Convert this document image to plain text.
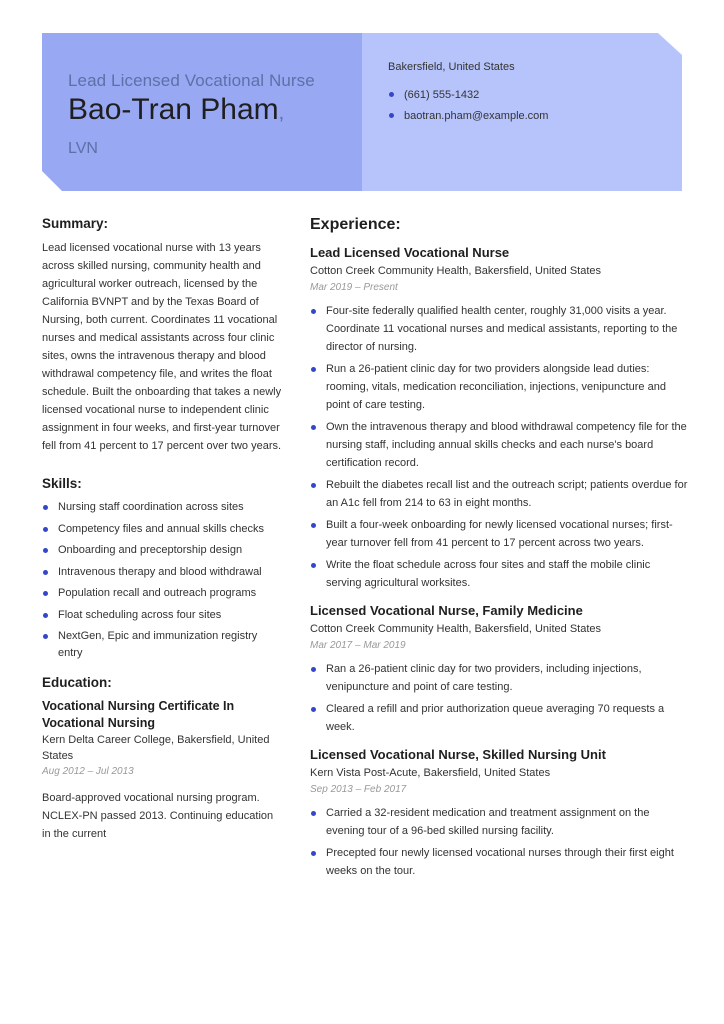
Lead Licensed Vocational Nurse
Bao-Tran Pham,
LVN
Bakersfield, United States
(661) 555-1432
baotran.pham@example.com
Summary:

Lead licensed vocational nurse with 13 years across skilled nursing, community health and agricultural worker outreach, licensed by the California BVNPT and by the Texas Board of Nursing, both current. Coordinates 11 vocational nurses and medical assistants across four clinic sites, owns the intravenous therapy and blood withdrawal competency file, and writes the float schedule. Built the onboarding that takes a newly licensed vocational nurse to independent clinic assignment in four weeks, and first-year turnover fell from 41 percent to 17 percent over two years.

Skills:
Nursing staff coordination across sites
Competency files and annual skills checks
Onboarding and preceptorship design
Intravenous therapy and blood withdrawal
Population recall and outreach programs
Float scheduling across four sites
NextGen, Epic and immunization registry entry
Education:
Vocational Nursing Certificate In Vocational Nursing
Kern Delta Career College, Bakersfield, United States
Aug 2012 – Jul 2013
Board-approved vocational nursing program. NCLEX-PN passed 2013. Continuing education in the current
Experience:
Lead Licensed Vocational Nurse
Cotton Creek Community Health, Bakersfield, United States
Mar 2019 – Present
Four-site federally qualified health center, roughly 31,000 visits a year. Coordinate 11 vocational nurses and medical assistants, reporting to the director of nursing.
Run a 26-patient clinic day for two providers alongside lead duties: rooming, vitals, medication reconciliation, injections, venipuncture and point of care testing.
Own the intravenous therapy and blood withdrawal competency file for the nursing staff, including annual skills checks and each nurse's board certification record.
Rebuilt the diabetes recall list and the outreach script; patients overdue for an A1c fell from 214 to 63 in eight months.
Built a four-week onboarding for newly licensed vocational nurses; first-year turnover fell from 41 percent to 17 percent across two years.
Write the float schedule across four sites and staff the mobile clinic serving agricultural worksites.
Licensed Vocational Nurse, Family Medicine
Cotton Creek Community Health, Bakersfield, United States
Mar 2017 – Mar 2019
Ran a 26-patient clinic day for two providers, including injections, venipuncture and point of care testing.
Cleared a refill and prior authorization queue averaging 70 requests a week.
Licensed Vocational Nurse, Skilled Nursing Unit
Kern Vista Post-Acute, Bakersfield, United States
Sep 2013 – Feb 2017
Carried a 32-resident medication and treatment assignment on the evening tour of a 96-bed skilled nursing facility.
Precepted four newly licensed vocational nurses through their first eight weeks on the tour.
